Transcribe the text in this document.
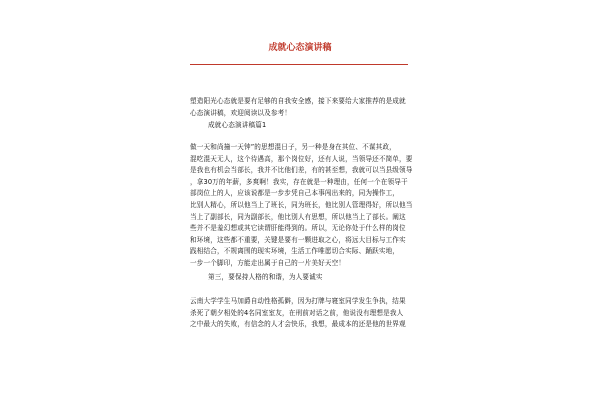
成就心态演讲稿
塑造阳光心态就是要有足够的自我安全感，接下来要给大家推荐的是成就
心态演讲稿，欢迎阅读以及参考！
成就心态演讲稿篇1
做一天和尚撞一天钟”的思想混日子，另一种是身在其位、不谋其政，
混吃混天无人，这个待遇高，那个岗位好，还有人说，当领导还不简单，要
是我也有机会当部长，我并不比他们差，有的甚至想，我就可以当县级领导
，拿30万的年薪，多爽啊！我实，存在就是一种理由，任何一个在领导干
部岗位上的人，应该说都是一步步凭自己本事闯出来的，同为操作工，
比别人精心，所以他当上了班长，同为班长，他比别人管理得好，所以他当
当上了副部长，同为副部长，他比别人有思想，所以他当上了部长。阐这
些并不是羞幻想或其它读谓肝能得到的。所以，无论你处于什么样的岗位
和环境，这些都不重要，关键是要有一颗进取之心，将远大目标与工作实
践相结合，不规离围的现实环境，生活工作唯愿切合实际、踊跃实地，
一步一个脚印，方能走出属于自己的一片美好天空！
第三，要保持人格的和谐，为人要诚实
云南大学学生马加爵自动性格孤僻，因为打牌与寝室同学发生争执，结果
杀死了朝夕相处的4名同室室友，在刑前对话之前，他说没有理想是我人
之中最大的失败，有信念的人才会快乐，我想，最成本的还是他的世界观
